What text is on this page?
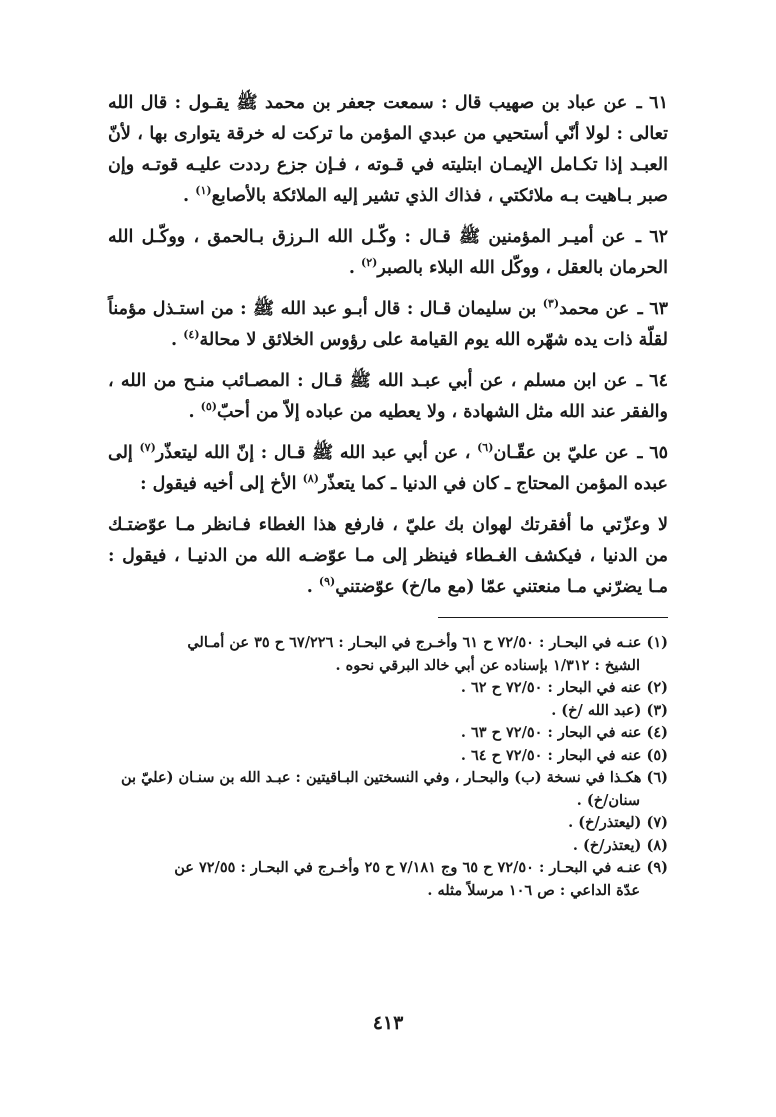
٦١ ـ عن عباد بن صهيب قال : سمعت جعفر بن محمد ﷺ يقـول : قال الله تعالى : لولا أنّي أستحيي من عبدي المؤمن ما تركت له خرقة يتوارى بها ، لأنّ العبـد إذا تكـامل الإيمـان ابتليته في قـوته ، فـإن جزع رددت عليـه قوتـه وإن صبر بـاهيت بـه ملائكتي ، فذاك الذي تشير إليه الملائكة بالأصابع$^{(١)}$ .

٦٢ ـ عن أميـر المؤمنين ﷺ قـال : وكّـل الله الـرزق بـالحمق ، ووكّـل الله الحرمان بالعقل ، ووكّل الله البلاء بالصبر$^{(٢)}$ .

٦٣ ـ عن محمد$^{(٣)}$ بن سليمان قـال : قال أبـو عبد الله ﷺ : من استـذل مؤمناً لقلّة ذات يده شهّره الله يوم القيامة على رؤوس الخلائق لا محالة$^{(٤)}$ .

٦٤ ـ عن ابن مسلم ، عن أبي عبـد الله ﷺ قـال : المصـائب منـح من الله ، والفقر عند الله مثل الشهادة ، ولا يعطيه من عباده إلاّ من أحبّ$^{(٥)}$ .

٦٥ ـ عن عليّ بن عقّـان$^{(٦)}$ ، عن أبي عبد الله ﷺ قـال : إنّ الله ليتعذّر$^{(٧)}$ إلى عبده المؤمن المحتاج ـ كان في الدنيا ـ كما يتعذّر$^{(٨)}$ الأخ إلى أخيه فيقول :

لا وعزّتي ما أفقرتك لهوان بك عليّ ، فارفع هذا الغطاء فـانظر مـا عوّضتـك من الدنيا ، فيكشف الغـطاء فينظر إلى مـا عوّضـه الله من الدنيـا ، فيقول : مـا يضرّني مـا منعتني عمّا (مع ما/خ) عوّضتني$^{(٩)}$ .

(١) عنـه في البحـار : ٧٢/٥٠ ح ٦١ وأخـرج في البحـار : ٦٧/٢٢٦ ح ٣٥ عن أمـالي
الشيخ : ١/٣١٢ بإسناده عن أبي خالد البرقي نحوه .

(٢) عنه في البحار : ٧٢/٥٠ ح ٦٢ .

(٣) (عبد الله /خ) .

(٤) عنه في البحار : ٧٢/٥٠ ح ٦٣ .

(٥) عنه في البحار : ٧٢/٥٠ ح ٦٤ .

(٦) هكـذا في نسخة (ب) والبحـار ، وفي النسختين البـاقيتين : عبـد الله بن سنـان (عليّ بن
سنان/خ) .

(٧) (ليعتذر/خ) .

(٨) (يعتذر/خ) .

(٩) عنـه في البحـار : ٧٢/٥٠ ح ٦٥ وج ٧/١٨١ ح ٢٥ وأخـرج في البحـار : ٧٢/٥٥ عن
عدّة الداعي : ص ١٠٦ مرسلاً مثله .

٤١٣
